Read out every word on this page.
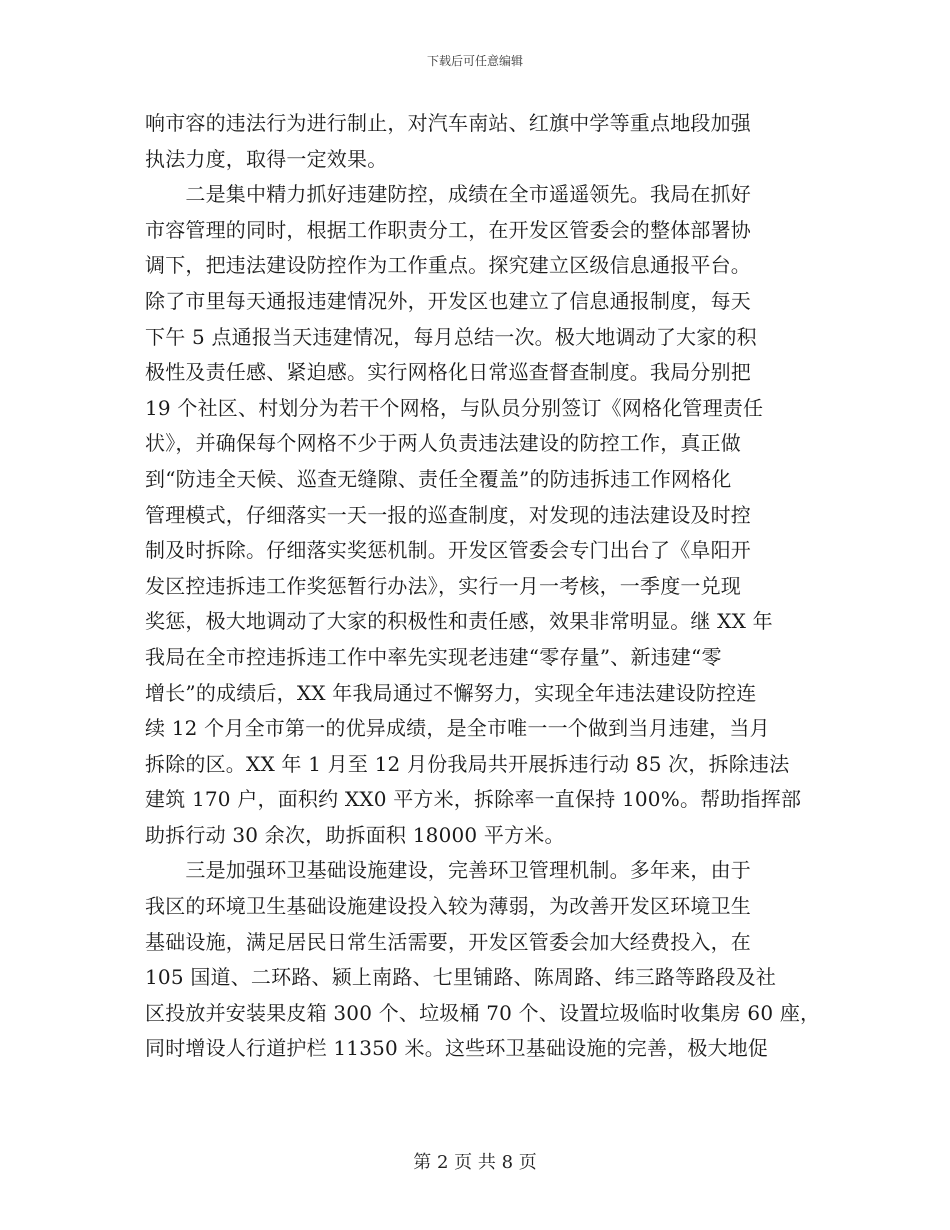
下载后可任意编辑
响市容的违法行为进行制止，对汽车南站、红旗中学等重点地段加强
执法力度，取得一定效果。
　　二是集中精力抓好违建防控，成绩在全市遥遥领先。我局在抓好
市容管理的同时，根据工作职责分工，在开发区管委会的整体部署协
调下，把违法建设防控作为工作重点。探究建立区级信息通报平台。
除了市里每天通报违建情况外，开发区也建立了信息通报制度，每天
下午 5 点通报当天违建情况，每月总结一次。极大地调动了大家的积
极性及责任感、紧迫感。实行网格化日常巡查督查制度。我局分别把
19 个社区、村划分为若干个网格，与队员分别签订《网格化管理责任
状》，并确保每个网格不少于两人负责违法建设的防控工作，真正做
到“防违全天候、巡查无缝隙、责任全覆盖”的防违拆违工作网格化
管理模式，仔细落实一天一报的巡查制度，对发现的违法建设及时控
制及时拆除。仔细落实奖惩机制。开发区管委会专门出台了《阜阳开
发区控违拆违工作奖惩暂行办法》，实行一月一考核，一季度一兑现
奖惩，极大地调动了大家的积极性和责任感，效果非常明显。继 XX 年
我局在全市控违拆违工作中率先实现老违建“零存量”、新违建“零
增长”的成绩后，XX 年我局通过不懈努力，实现全年违法建设防控连
续 12 个月全市第一的优异成绩，是全市唯一一个做到当月违建，当月
拆除的区。XX 年 1 月至 12 月份我局共开展拆违行动 85 次，拆除违法
建筑 170 户，面积约 XX0 平方米，拆除率一直保持 100%。帮助指挥部
助拆行动 30 余次，助拆面积 18000 平方米。
　　三是加强环卫基础设施建设，完善环卫管理机制。多年来，由于
我区的环境卫生基础设施建设投入较为薄弱，为改善开发区环境卫生
基础设施，满足居民日常生活需要，开发区管委会加大经费投入，在
105 国道、二环路、颍上南路、七里铺路、陈周路、纬三路等路段及社
区投放并安装果皮箱 300 个、垃圾桶 70 个、设置垃圾临时收集房 60 座，
同时增设人行道护栏 11350 米。这些环卫基础设施的完善，极大地促
第 2 页 共 8 页
